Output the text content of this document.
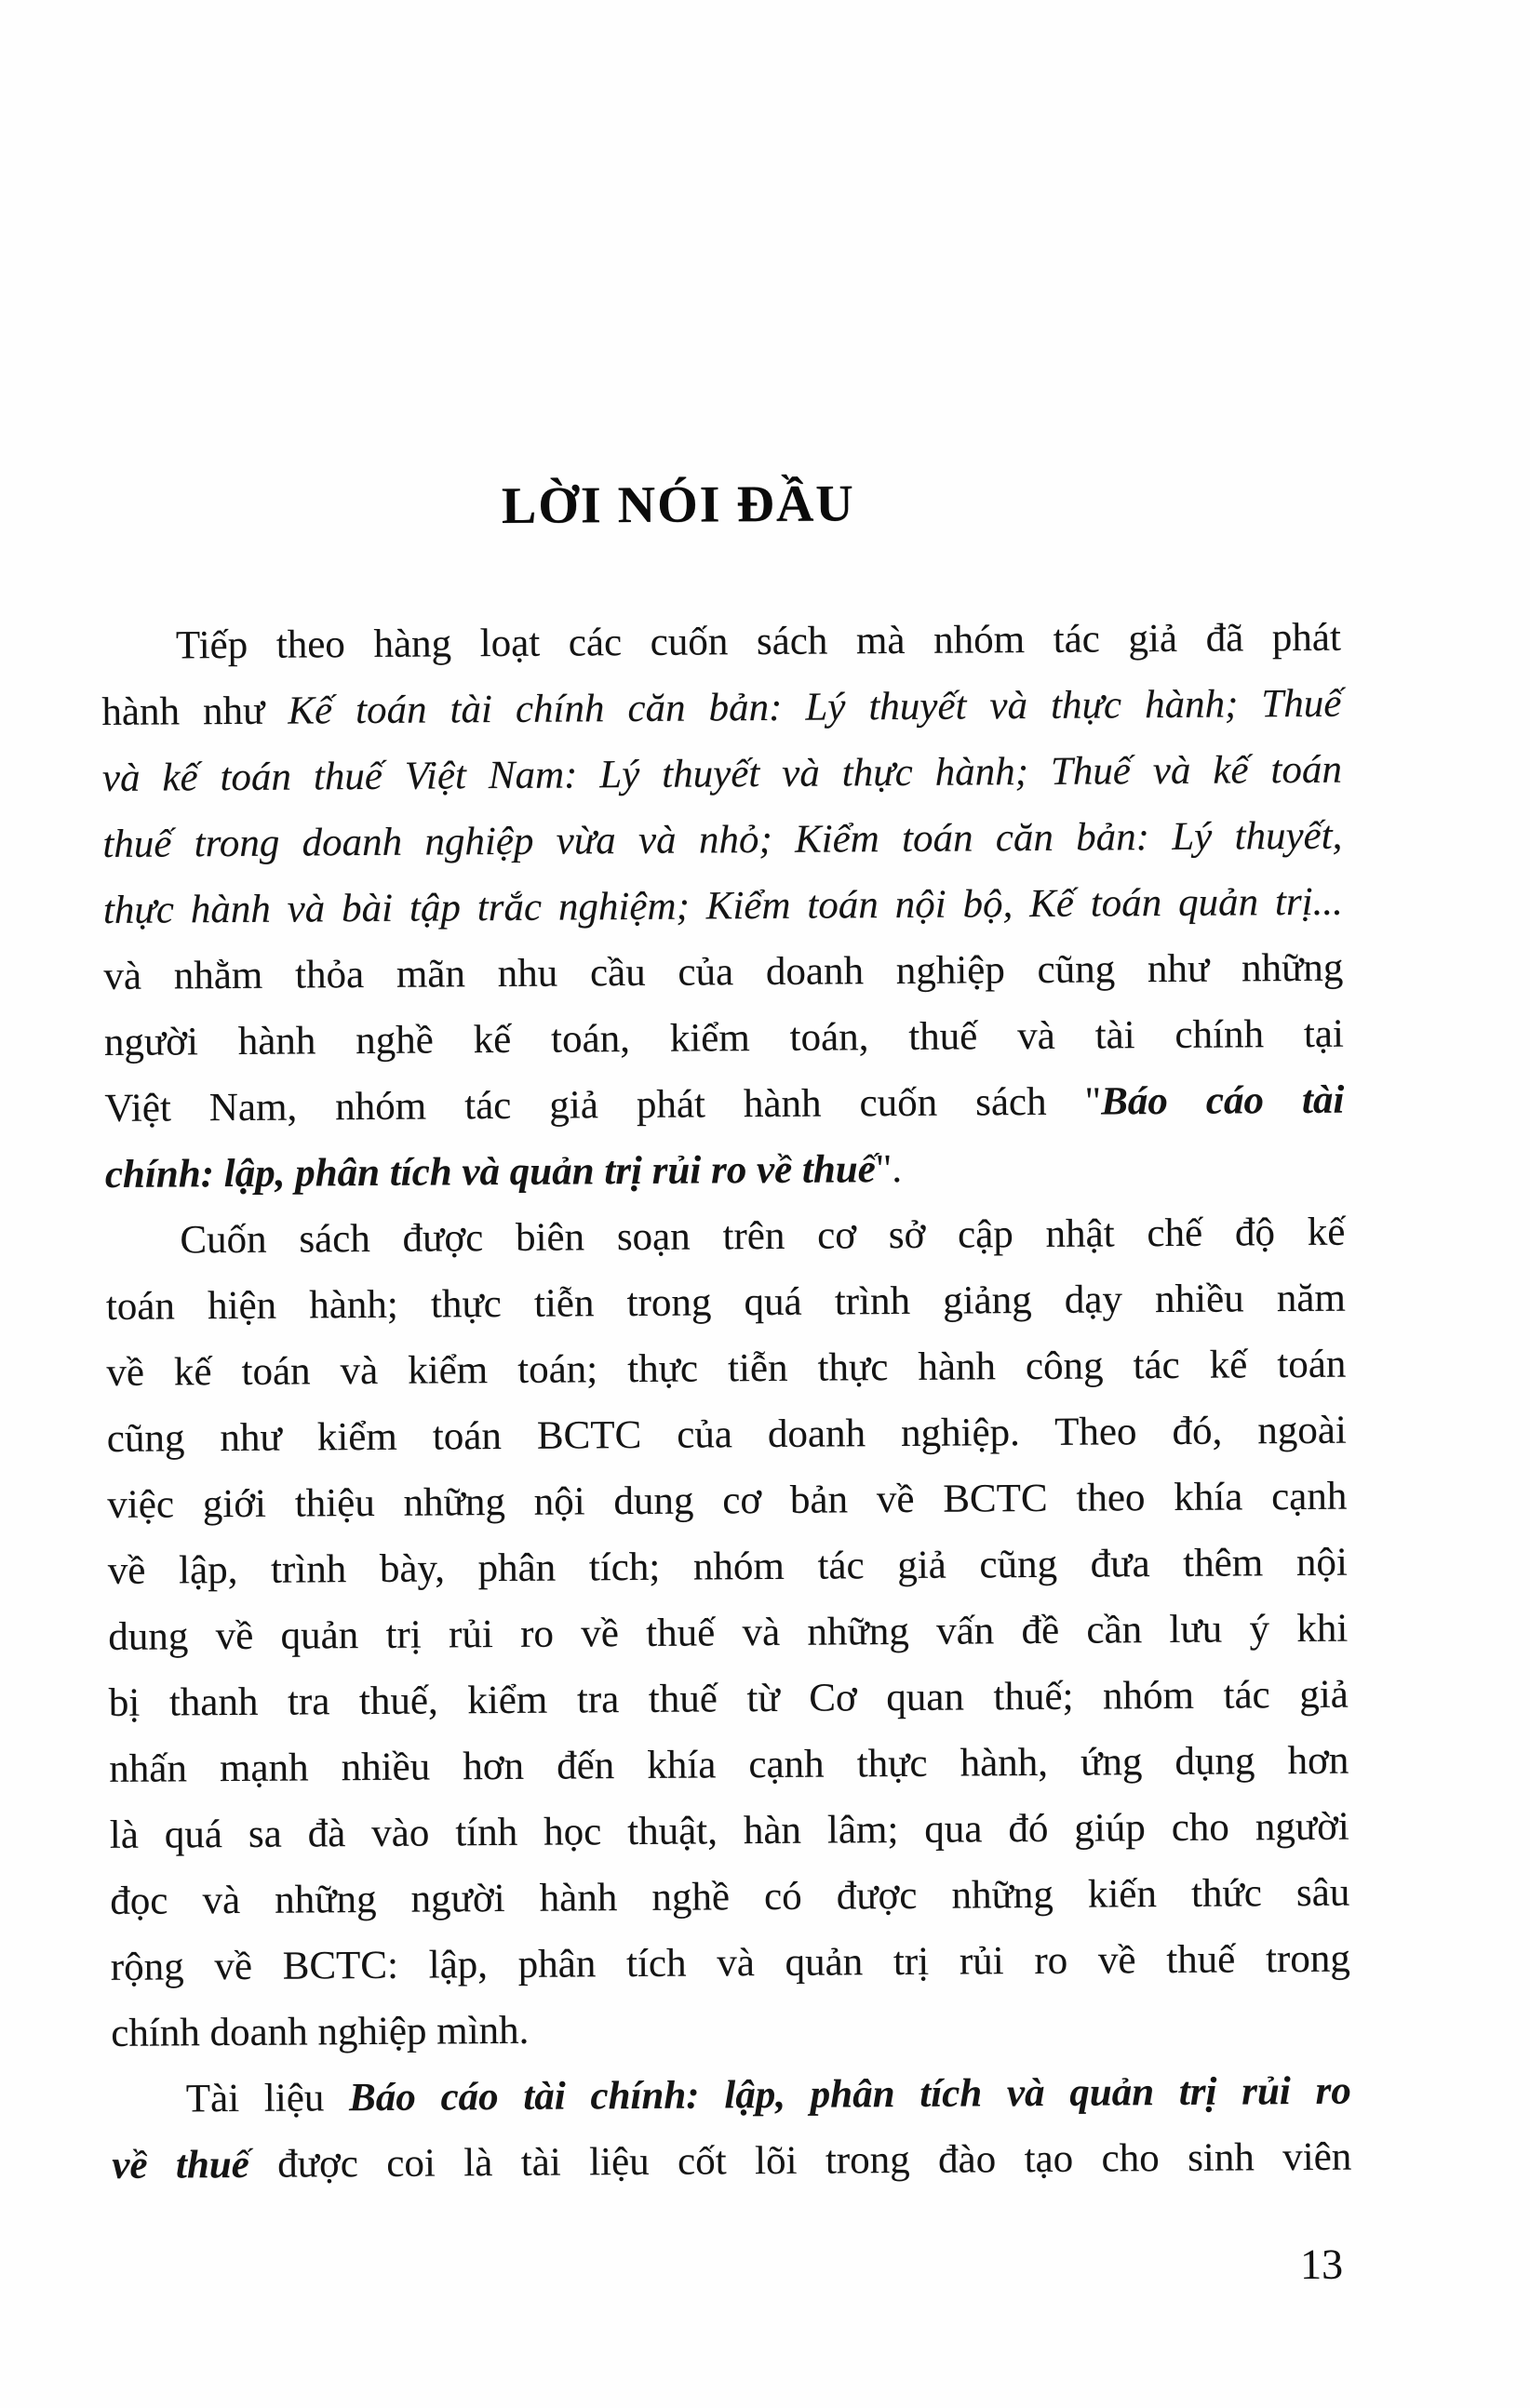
LỜI NÓI ĐẦU
Tiếp theo hàng loạt các cuốn sách mà nhóm tác giả đã phát
hành như Kế toán tài chính căn bản: Lý thuyết và thực hành; Thuế
và kế toán thuế Việt Nam: Lý thuyết và thực hành; Thuế và kế toán
thuế trong doanh nghiệp vừa và nhỏ; Kiểm toán căn bản: Lý thuyết,
thực hành và bài tập trắc nghiệm; Kiểm toán nội bộ, Kế toán quản trị...
và nhằm thỏa mãn nhu cầu của doanh nghiệp cũng như những
người hành nghề kế toán, kiểm toán, thuế và tài chính tại
Việt Nam, nhóm tác giả phát hành cuốn sách "Báo cáo tài
chính: lập, phân tích và quản trị rủi ro về thuế".
Cuốn sách được biên soạn trên cơ sở cập nhật chế độ kế
toán hiện hành; thực tiễn trong quá trình giảng dạy nhiều năm
về kế toán và kiểm toán; thực tiễn thực hành công tác kế toán
cũng như kiểm toán BCTC của doanh nghiệp. Theo đó, ngoài
việc giới thiệu những nội dung cơ bản về BCTC theo khía cạnh
về lập, trình bày, phân tích; nhóm tác giả cũng đưa thêm nội
dung về quản trị rủi ro về thuế và những vấn đề cần lưu ý khi
bị thanh tra thuế, kiểm tra thuế từ Cơ quan thuế; nhóm tác giả
nhấn mạnh nhiều hơn đến khía cạnh thực hành, ứng dụng hơn
là quá sa đà vào tính học thuật, hàn lâm; qua đó giúp cho người
đọc và những người hành nghề có được những kiến thức sâu
rộng về BCTC: lập, phân tích và quản trị rủi ro về thuế trong
chính doanh nghiệp mình.
Tài liệu Báo cáo tài chính: lập, phân tích và quản trị rủi ro
về thuế được coi là tài liệu cốt lõi trong đào tạo cho sinh viên
13
